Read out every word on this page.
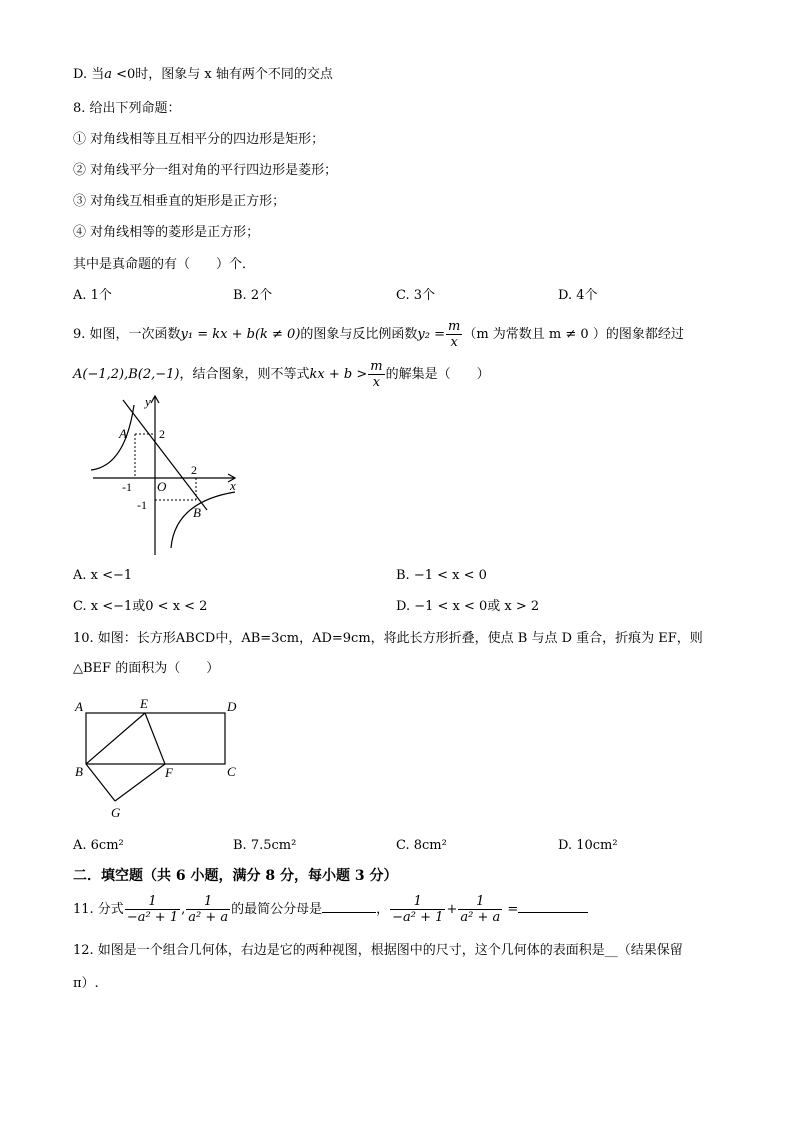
D. 当𝑎 <0时，图象与 x 轴有两个不同的交点
8. 给出下列命题：
① 对角线相等且互相平分的四边形是矩形；
② 对角线平分一组对角的平行四边形是菱形；
③ 对角线互相垂直的矩形是正方形；
④ 对角线相等的菱形是正方形；
其中是真命题的有（　　）个．
A. 1个	B. 2个	C. 3个	D. 4个
9. 如图，一次函数y₁ = kx + b(k ≠ 0)的图象与反比例函数$y_2 = \frac{m}{x} (m$ 为常数且 m ≠ 0 ）的图象都经过
A(−1,2),B(2,−1)，结合图象，则不等式kx + $b > \frac{m}{x}$ 的解集是（　　）
y
x
O
A
B
2
2
-1
-1
A. x <−1	B. −1 < x < 0
C. x <−1或0 < x < 2	D. −1 < x < 0或 x > 2
10. 如图：长方形ABCD中，AB=3cm，AD=9cm，将此长方形折叠，使点 B 与点 D 重合，折痕为 EF，则
△BEF 的面积为（　　）
A	E	D
B	F	C
G
A. 6cm²	B. 7.5cm²	C. 8cm²	D. 10cm²
二．填空题（共 6 小题，满分 8 分，每小题 3 分）
11. 分式 $\frac{1}{\text{−a² + 1}}$ , $\frac{1}{\text{a² + a}}$ 的最简公分母是	， $\frac{1}{\text{−a² + 1}} + \frac{1}{\text{a² + a}}$ =
12. 如图是一个组合几何体，右边是它的两种视图，根据图中的尺寸，这个几何体的表面积是__（结果保留
π）.
